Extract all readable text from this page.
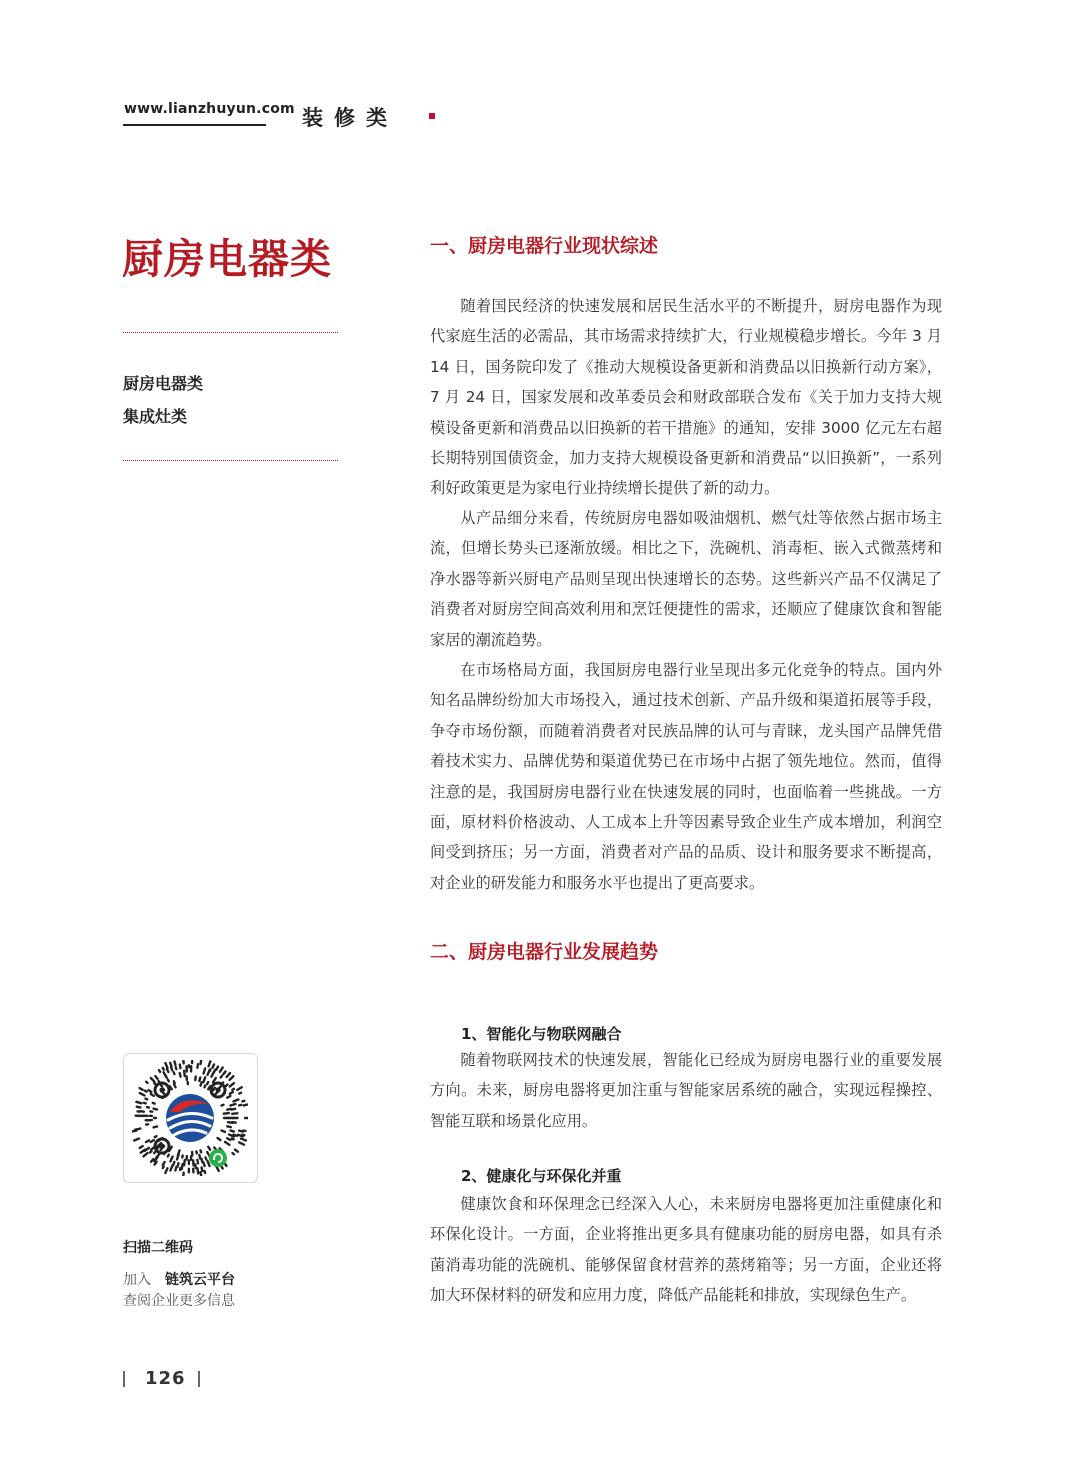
www.lianzhuyun.com 装修类
厨房电器类
厨房电器类
集成灶类
扫描二维码
加入 链筑云平台
查阅企业更多信息
126
一、厨房电器行业现状综述

随着国民经济的快速发展和居民生活水平的不断提升，厨房电器作为现代家庭生活的必需品，其市场需求持续扩大，行业规模稳步增长。今年 3 月 14 日，国务院印发了《推动大规模设备更新和消费品以旧换新行动方案》，7 月 24 日，国家发展和改革委员会和财政部联合发布《关于加力支持大规模设备更新和消费品以旧换新的若干措施》的通知，安排 3000 亿元左右超长期特别国债资金，加力支持大规模设备更新和消费品“以旧换新”，一系列利好政策更是为家电行业持续增长提供了新的动力。

从产品细分来看，传统厨房电器如吸油烟机、燃气灶等依然占据市场主流，但增长势头已逐渐放缓。相比之下，洗碗机、消毒柜、嵌入式微蒸烤和净水器等新兴厨电产品则呈现出快速增长的态势。这些新兴产品不仅满足了消费者对厨房空间高效利用和烹饪便捷性的需求，还顺应了健康饮食和智能家居的潮流趋势。

在市场格局方面，我国厨房电器行业呈现出多元化竞争的特点。国内外知名品牌纷纷加大市场投入，通过技术创新、产品升级和渠道拓展等手段，争夺市场份额，而随着消费者对民族品牌的认可与青睐，龙头国产品牌凭借着技术实力、品牌优势和渠道优势已在市场中占据了领先地位。然而，值得注意的是，我国厨房电器行业在快速发展的同时，也面临着一些挑战。一方面，原材料价格波动、人工成本上升等因素导致企业生产成本增加，利润空间受到挤压；另一方面，消费者对产品的品质、设计和服务要求不断提高，对企业的研发能力和服务水平也提出了更高要求。

二、厨房电器行业发展趋势
1、智能化与物联网融合

随着物联网技术的快速发展，智能化已经成为厨房电器行业的重要发展方向。未来，厨房电器将更加注重与智能家居系统的融合，实现远程操控、智能互联和场景化应用。

2、健康化与环保化并重

健康饮食和环保理念已经深入人心，未来厨房电器将更加注重健康化和环保化设计。一方面，企业将推出更多具有健康功能的厨房电器，如具有杀菌消毒功能的洗碗机、能够保留食材营养的蒸烤箱等；另一方面，企业还将加大环保材料的研发和应用力度，降低产品能耗和排放，实现绿色生产。
